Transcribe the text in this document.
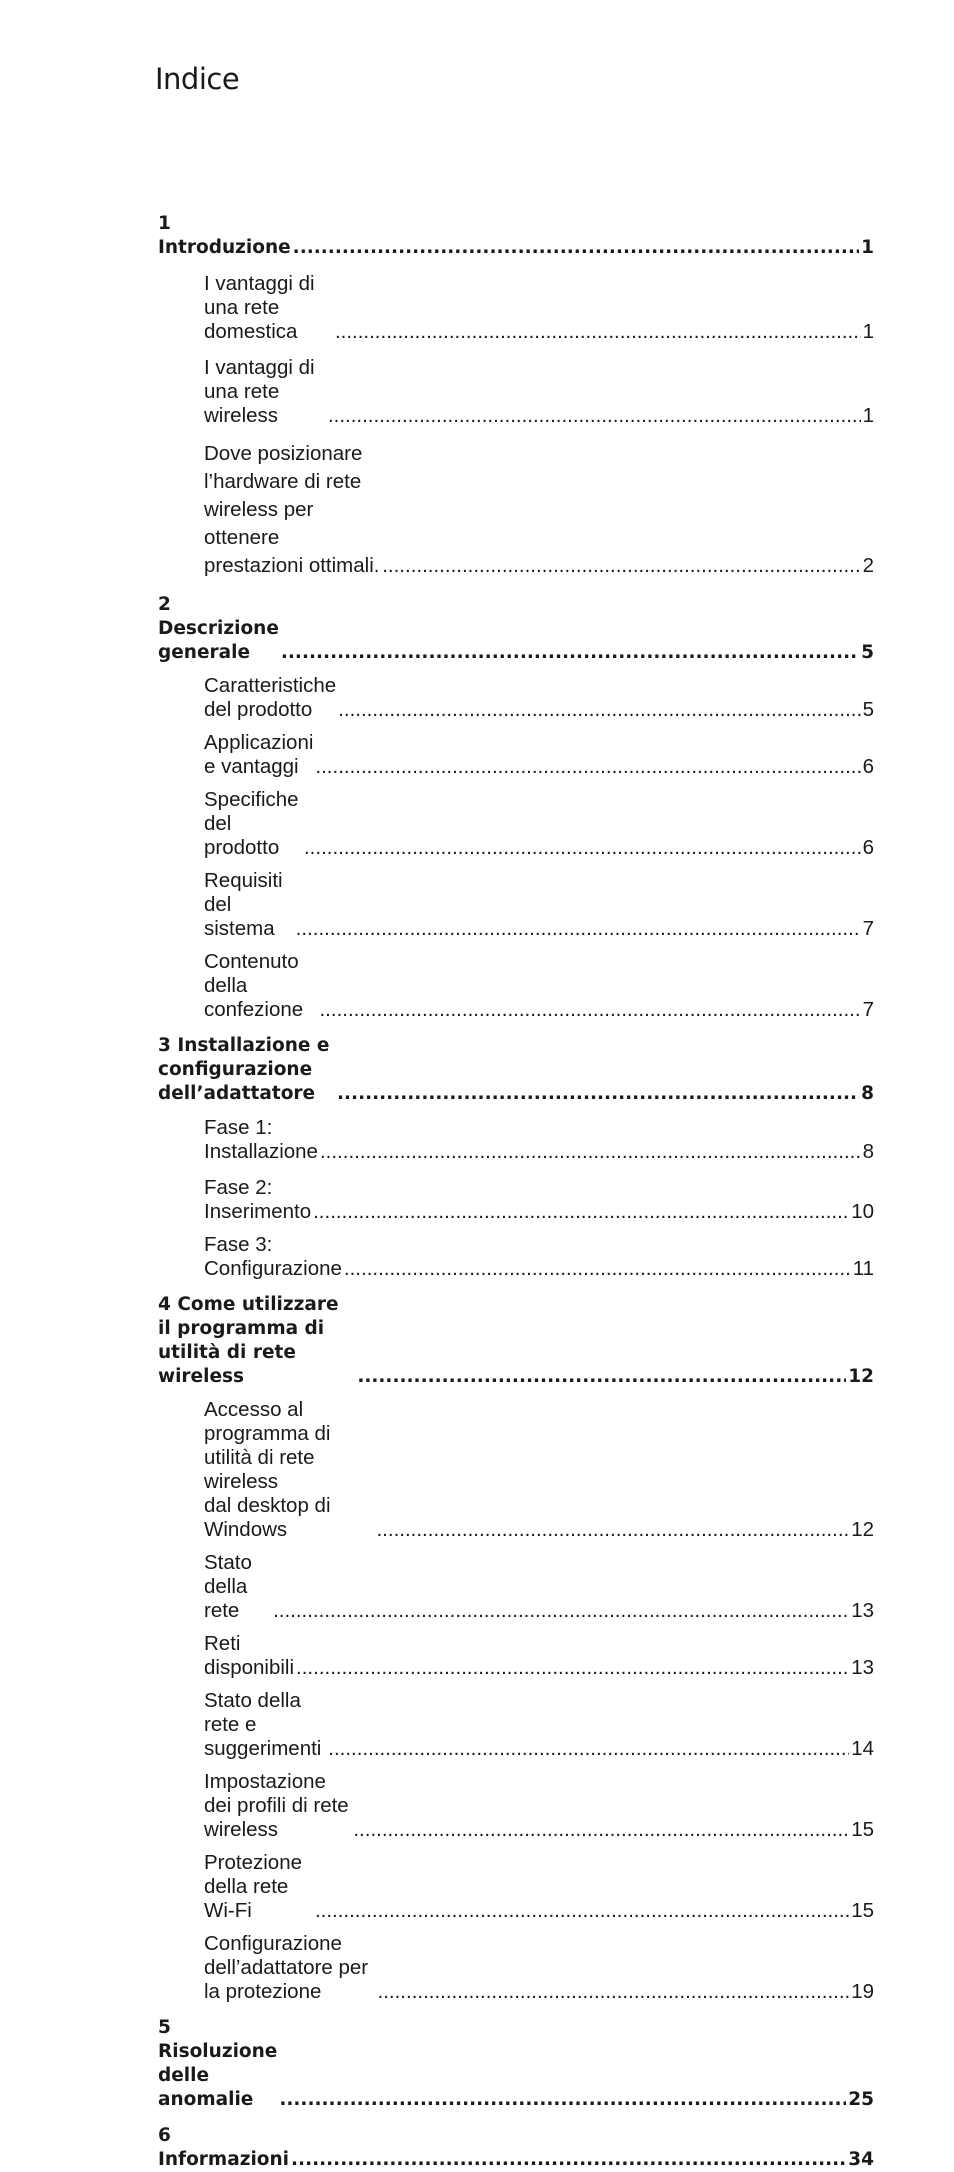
Indice
1 Introduzione .....	1
I vantaggi di una rete domestica .....	1
I vantaggi di una rete wireless .....	1
Dove posizionare l’hardware di rete wireless per
ottenere prestazioni ottimali. .....	2
2 Descrizione generale .....	5
Caratteristiche del prodotto .....	5
Applicazioni e vantaggi .....	6
Specifiche del prodotto .....	6
Requisiti del sistema .....	7
Contenuto della confezione .....	7
3 Installazione e configurazione dell’adattatore .....	8
Fase 1: Installazione .....	8
Fase 2: Inserimento .....	10
Fase 3: Configurazione .....	11
4 Come utilizzare il programma di utilità di rete wireless .....	12
Accesso al programma di utilità di rete wireless
dal desktop di Windows .....	12
Stato della rete .....	13
Reti disponibili .....	13
Stato della rete e suggerimenti .....	14
Impostazione dei profili di rete wireless .....	15
Protezione della rete Wi-Fi .....	15
Configurazione dell’adattatore per la protezione .....	19
5 Risoluzione delle anomalie .....	25
6 Informazioni .....	34
